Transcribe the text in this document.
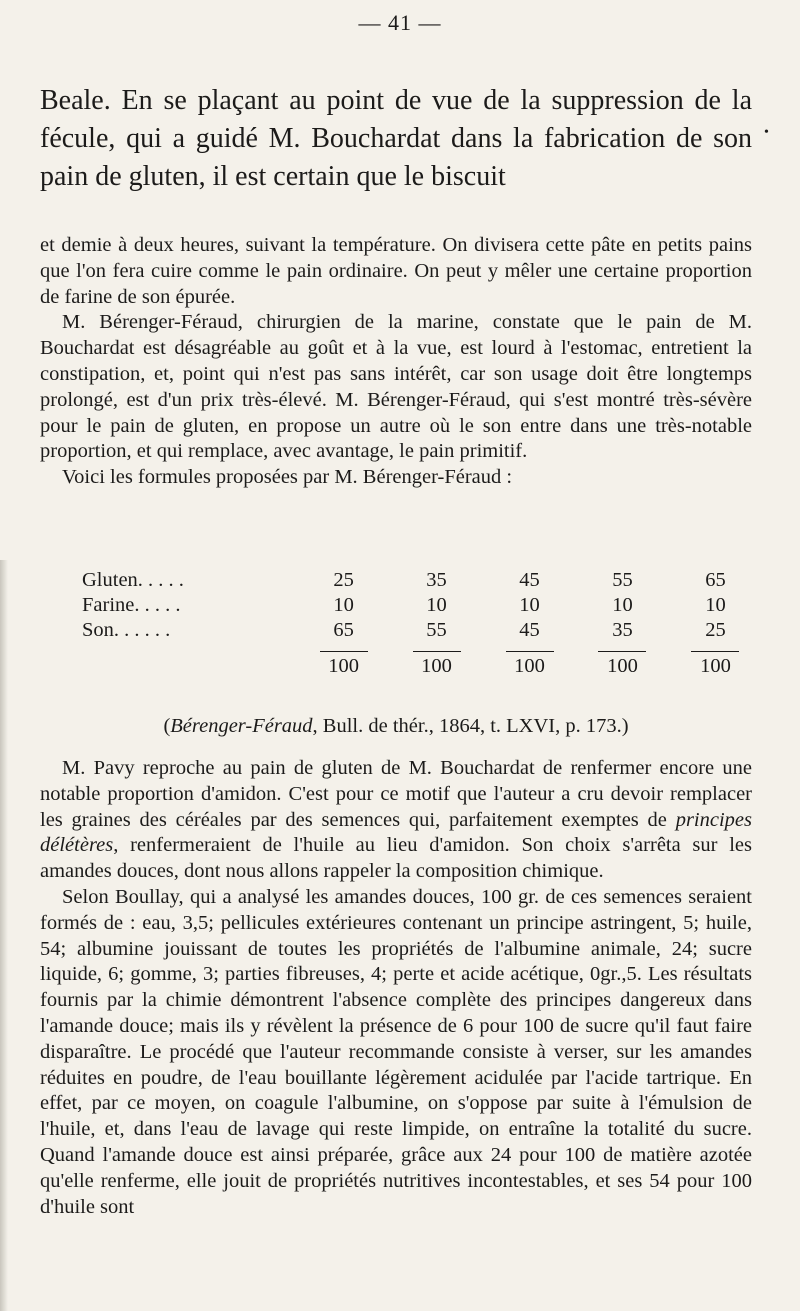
— 41 —

Beale. En se plaçant au point de vue de la suppression de la fécule, qui a guidé M. Bouchardat dans la fabrication de son pain de gluten, il est certain que le biscuit

•

et demie à deux heures, suivant la température. On divisera cette pâte en petits pains que l'on fera cuire comme le pain ordinaire. On peut y mêler une certaine proportion de farine de son épurée.

M. Bérenger-Féraud, chirurgien de la marine, constate que le pain de M. Bouchardat est désagréable au goût et à la vue, est lourd à l'estomac, entretient la constipation, et, point qui n'est pas sans intérêt, car son usage doit être longtemps prolongé, est d'un prix très-élevé. M. Bérenger-Féraud, qui s'est montré très-sévère pour le pain de gluten, en propose un autre où le son entre dans une très-notable proportion, et qui remplace, avec avantage, le pain primitif.

Voici les formules proposées par M. Bérenger-Féraud :

Gluten. . . . .	25	35	45	55	65
Farine. . . . .	10	10	10	10	10
Son. . . . . .	65	55	45	35	25
	100	100	100	100	100
(Bérenger-Féraud, Bull. de thér., 1864, t. LXVI, p. 173.)

M. Pavy reproche au pain de gluten de M. Bouchardat de renfermer encore une notable proportion d'amidon. C'est pour ce motif que l'auteur a cru devoir remplacer les graines des céréales par des semences qui, parfaitement exemptes de principes délétères, renfermeraient de l'huile au lieu d'amidon. Son choix s'arrêta sur les amandes douces, dont nous allons rappeler la composition chimique.

Selon Boullay, qui a analysé les amandes douces, 100 gr. de ces semences seraient formés de : eau, 3,5; pellicules extérieures contenant un principe astringent, 5; huile, 54; albumine jouissant de toutes les propriétés de l'albumine animale, 24; sucre liquide, 6; gomme, 3; parties fibreuses, 4; perte et acide acétique, 0gr.,5. Les résultats fournis par la chimie démontrent l'absence complète des principes dangereux dans l'amande douce; mais ils y révèlent la présence de 6 pour 100 de sucre qu'il faut faire disparaître. Le procédé que l'auteur recommande consiste à verser, sur les amandes réduites en poudre, de l'eau bouillante légèrement acidulée par l'acide tartrique. En effet, par ce moyen, on coagule l'albumine, on s'oppose par suite à l'émulsion de l'huile, et, dans l'eau de lavage qui reste limpide, on entraîne la totalité du sucre. Quand l'amande douce est ainsi préparée, grâce aux 24 pour 100 de matière azotée qu'elle renferme, elle jouit de propriétés nutritives incontestables, et ses 54 pour 100 d'huile sont
